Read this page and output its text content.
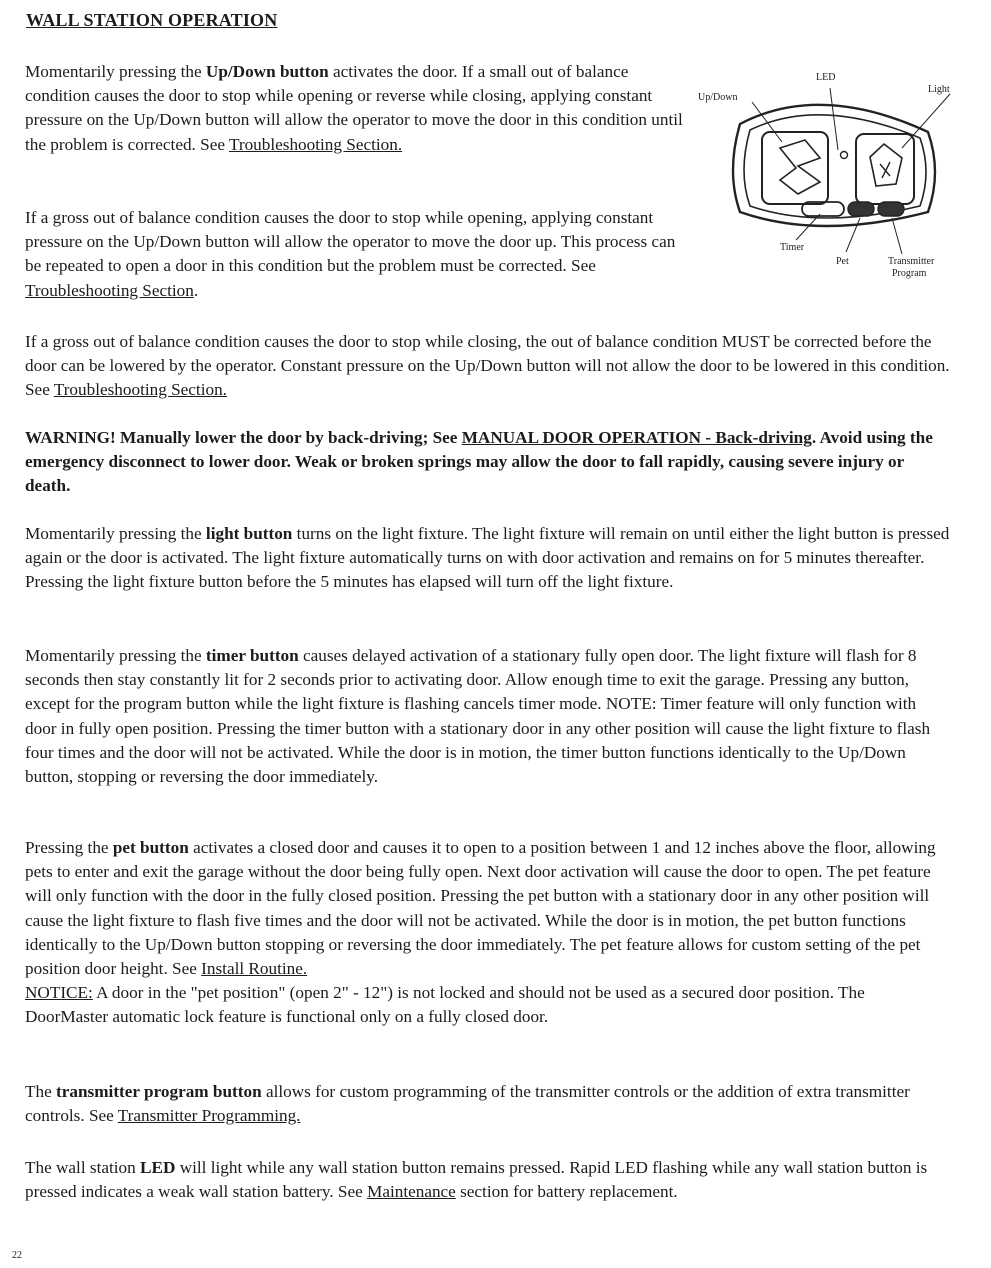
WALL STATION OPERATION

Momentarily pressing the Up/Down button activates the door. If a small out of balance condition causes the door to stop while opening or reverse while closing, applying constant pressure on the Up/Down button will allow the operator to move the door in this condition until the problem is corrected. See Troubleshooting Section.

If a gross out of balance condition causes the door to stop while opening, applying constant pressure on the Up/Down button will allow the operator to move the door up. This process can be repeated to open a door in this condition but the problem must be corrected. See Troubleshooting Section.

LED
Up/Down
Light
Timer
Pet	Transmitter
Program

If a gross out of balance condition causes the door to stop while closing, the out of balance condition MUST be corrected before the door can be lowered by the operator. Constant pressure on the Up/Down button will not allow the door to be lowered in this condition. See Troubleshooting Section.

WARNING! Manually lower the door by back-driving; See MANUAL DOOR OPERATION - Back-driving. Avoid using the emergency disconnect to lower door. Weak or broken springs may allow the door to fall rapidly, causing severe injury or death.

Momentarily pressing the light button turns on the light fixture. The light fixture will remain on until either the light button is pressed again or the door is activated. The light fixture automatically turns on with door activation and remains on for 5 minutes thereafter. Pressing the light fixture button before the 5 minutes has elapsed will turn off the light fixture.

Momentarily pressing the timer button causes delayed activation of a stationary fully open door. The light fixture will flash for 8 seconds then stay constantly lit for 2 seconds prior to activating door. Allow enough time to exit the garage. Pressing any button, except for the program button while the light fixture is flashing cancels timer mode. NOTE: Timer feature will only function with door in fully open position. Pressing the timer button with a stationary door in any other position will cause the light fixture to flash four times and the door will not be activated. While the door is in motion, the timer button functions identically to the Up/Down button, stopping or reversing the door immediately.

Pressing the pet button activates a closed door and causes it to open to a position between 1 and 12 inches above the floor, allowing pets to enter and exit the garage without the door being fully open. Next door activation will cause the door to open. The pet feature will only function with the door in the fully closed position. Pressing the pet button with a stationary door in any other position will cause the light fixture to flash five times and the door will not be activated. While the door is in motion, the pet button functions identically to the Up/Down button stopping or reversing the door immediately. The pet feature allows for custom setting of the pet position door height. See Install Routine.
NOTICE: A door in the "pet position" (open 2" - 12") is not locked and should not be used as a secured door position. The DoorMaster automatic lock feature is functional only on a fully closed door.

The transmitter program button allows for custom programming of the transmitter controls or the addition of extra transmitter controls. See Transmitter Programming.

The wall station LED will light while any wall station button remains pressed. Rapid LED flashing while any wall station button is pressed indicates a weak wall station battery. See Maintenance section for battery replacement.

22
